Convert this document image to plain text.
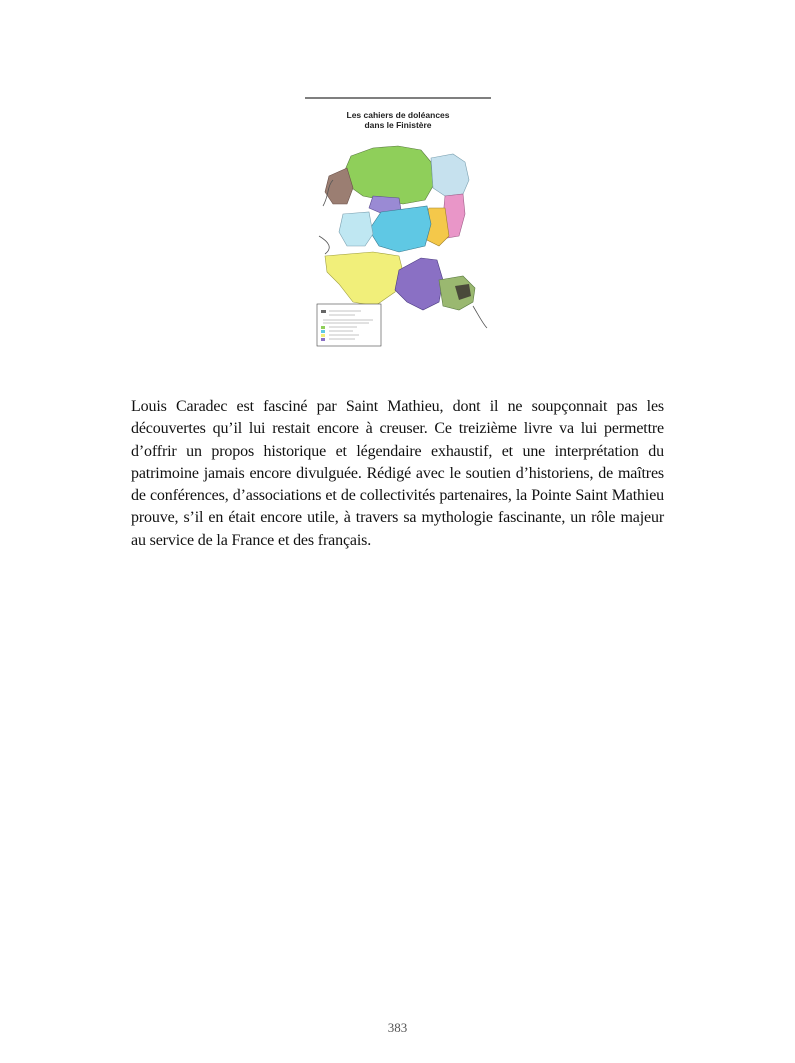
Les cahiers de doléances
dans le Finistère

Louis Caradec est fasciné par Saint Mathieu, dont il ne soupçonnait pas les découvertes qu’il lui restait encore à creuser. Ce treizième livre va lui permettre d’offrir un propos historique et légendaire exhaustif, et une interprétation du patrimoine jamais encore divulguée. Rédigé avec le soutien d’historiens, de maîtres de conférences, d’associations et de collectivités partenaires, la Pointe Saint Mathieu prouve, s’il en était encore utile, à travers sa mythologie fascinante, un rôle majeur au service de la France et des français.

383
